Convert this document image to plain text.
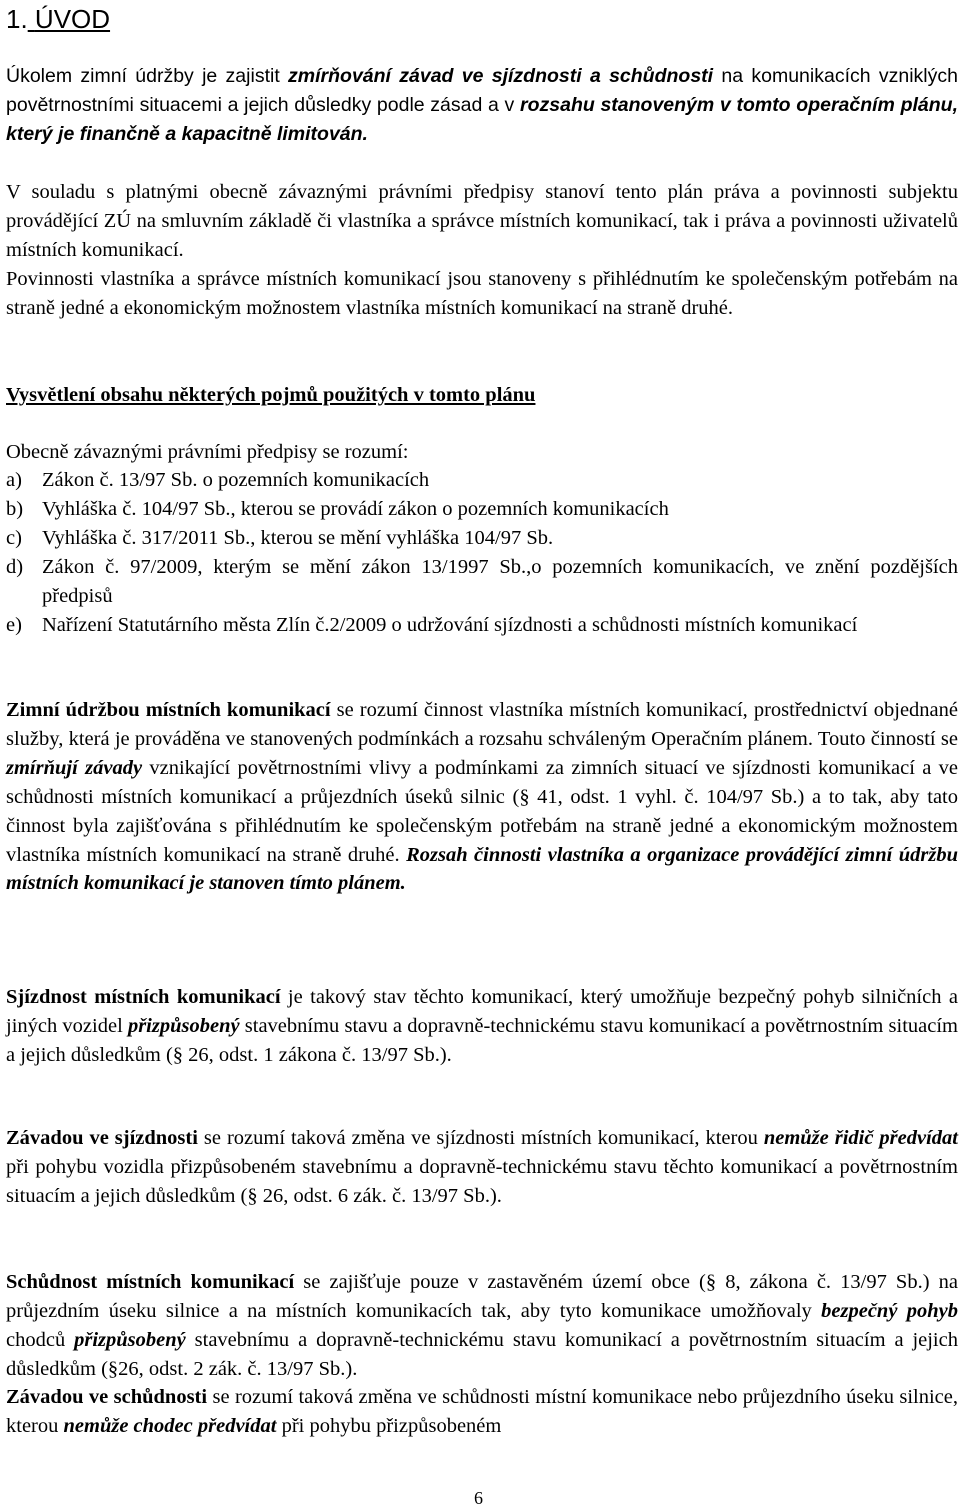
1. ÚVOD
Úkolem zimní údržby je zajistit zmírňování závad ve sjízdnosti a schůdnosti na komunikacích vzniklých povětrnostními situacemi a jejich důsledky podle zásad a v rozsahu stanoveným v tomto operačním plánu, který je finančně a kapacitně limitován.
V souladu s platnými obecně závaznými právními předpisy stanoví tento plán práva a povinnosti subjektu provádějící ZÚ na smluvním základě či vlastníka a správce místních komunikací, tak i práva a povinnosti uživatelů místních komunikací.
Povinnosti vlastníka a správce místních komunikací jsou stanoveny s přihlédnutím ke společenským potřebám na straně jedné a ekonomickým možnostem vlastníka místních komunikací na straně druhé.
Vysvětlení obsahu některých pojmů použitých v tomto plánu
Obecně závaznými právními předpisy se rozumí:
a) Zákon č. 13/97 Sb. o pozemních komunikacích
b) Vyhláška č. 104/97 Sb., kterou se provádí zákon o pozemních komunikacích
c) Vyhláška č. 317/2011 Sb., kterou se mění vyhláška 104/97 Sb.
d) Zákon č. 97/2009, kterým se mění zákon 13/1997 Sb.,o pozemních komunikacích, ve znění pozdějších předpisů
e) Nařízení Statutárního města Zlín č.2/2009 o udržování sjízdnosti a schůdnosti místních komunikací
Zimní údržbou místních komunikací se rozumí činnost vlastníka místních komunikací, prostřednictví objednané služby, která je prováděna ve stanovených podmínkách a rozsahu schváleným Operačním plánem. Touto činností se zmírňují závady vznikající povětrnostními vlivy a podmínkami za zimních situací ve sjízdnosti komunikací a ve schůdnosti místních komunikací a průjezdních úseků silnic (§ 41, odst. 1 vyhl. č. 104/97 Sb.) a to tak, aby tato činnost byla zajišťována s přihlédnutím ke společenským potřebám na straně jedné a ekonomickým možnostem vlastníka místních komunikací na straně druhé. Rozsah činnosti vlastníka a organizace provádějící zimní údržbu místních komunikací je stanoven tímto plánem.
Sjízdnost místních komunikací je takový stav těchto komunikací, který umožňuje bezpečný pohyb silničních a jiných vozidel přizpůsobený stavebnímu stavu a dopravně-technickému stavu komunikací a povětrnostním situacím a jejich důsledkům (§ 26, odst. 1 zákona č. 13/97 Sb.).
Závadou ve sjízdnosti se rozumí taková změna ve sjízdnosti místních komunikací, kterou nemůže řidič předvídat při pohybu vozidla přizpůsobeném stavebnímu a dopravně-technickému stavu těchto komunikací a povětrnostním situacím a jejich důsledkům (§ 26, odst. 6 zák. č. 13/97 Sb.).
Schůdnost místních komunikací se zajišťuje pouze v zastavěném území obce (§ 8, zákona č. 13/97 Sb.) na průjezdním úseku silnice a na místních komunikacích tak, aby tyto komunikace umožňovaly bezpečný pohyb chodců přizpůsobený stavebnímu a dopravně-technickému stavu komunikací a povětrnostním situacím a jejich důsledkům (§26, odst. 2 zák. č. 13/97 Sb.).
Závadou ve schůdnosti se rozumí taková změna ve schůdnosti místní komunikace nebo průjezdního úseku silnice, kterou nemůže chodec předvídat při pohybu přizpůsobeném
6
